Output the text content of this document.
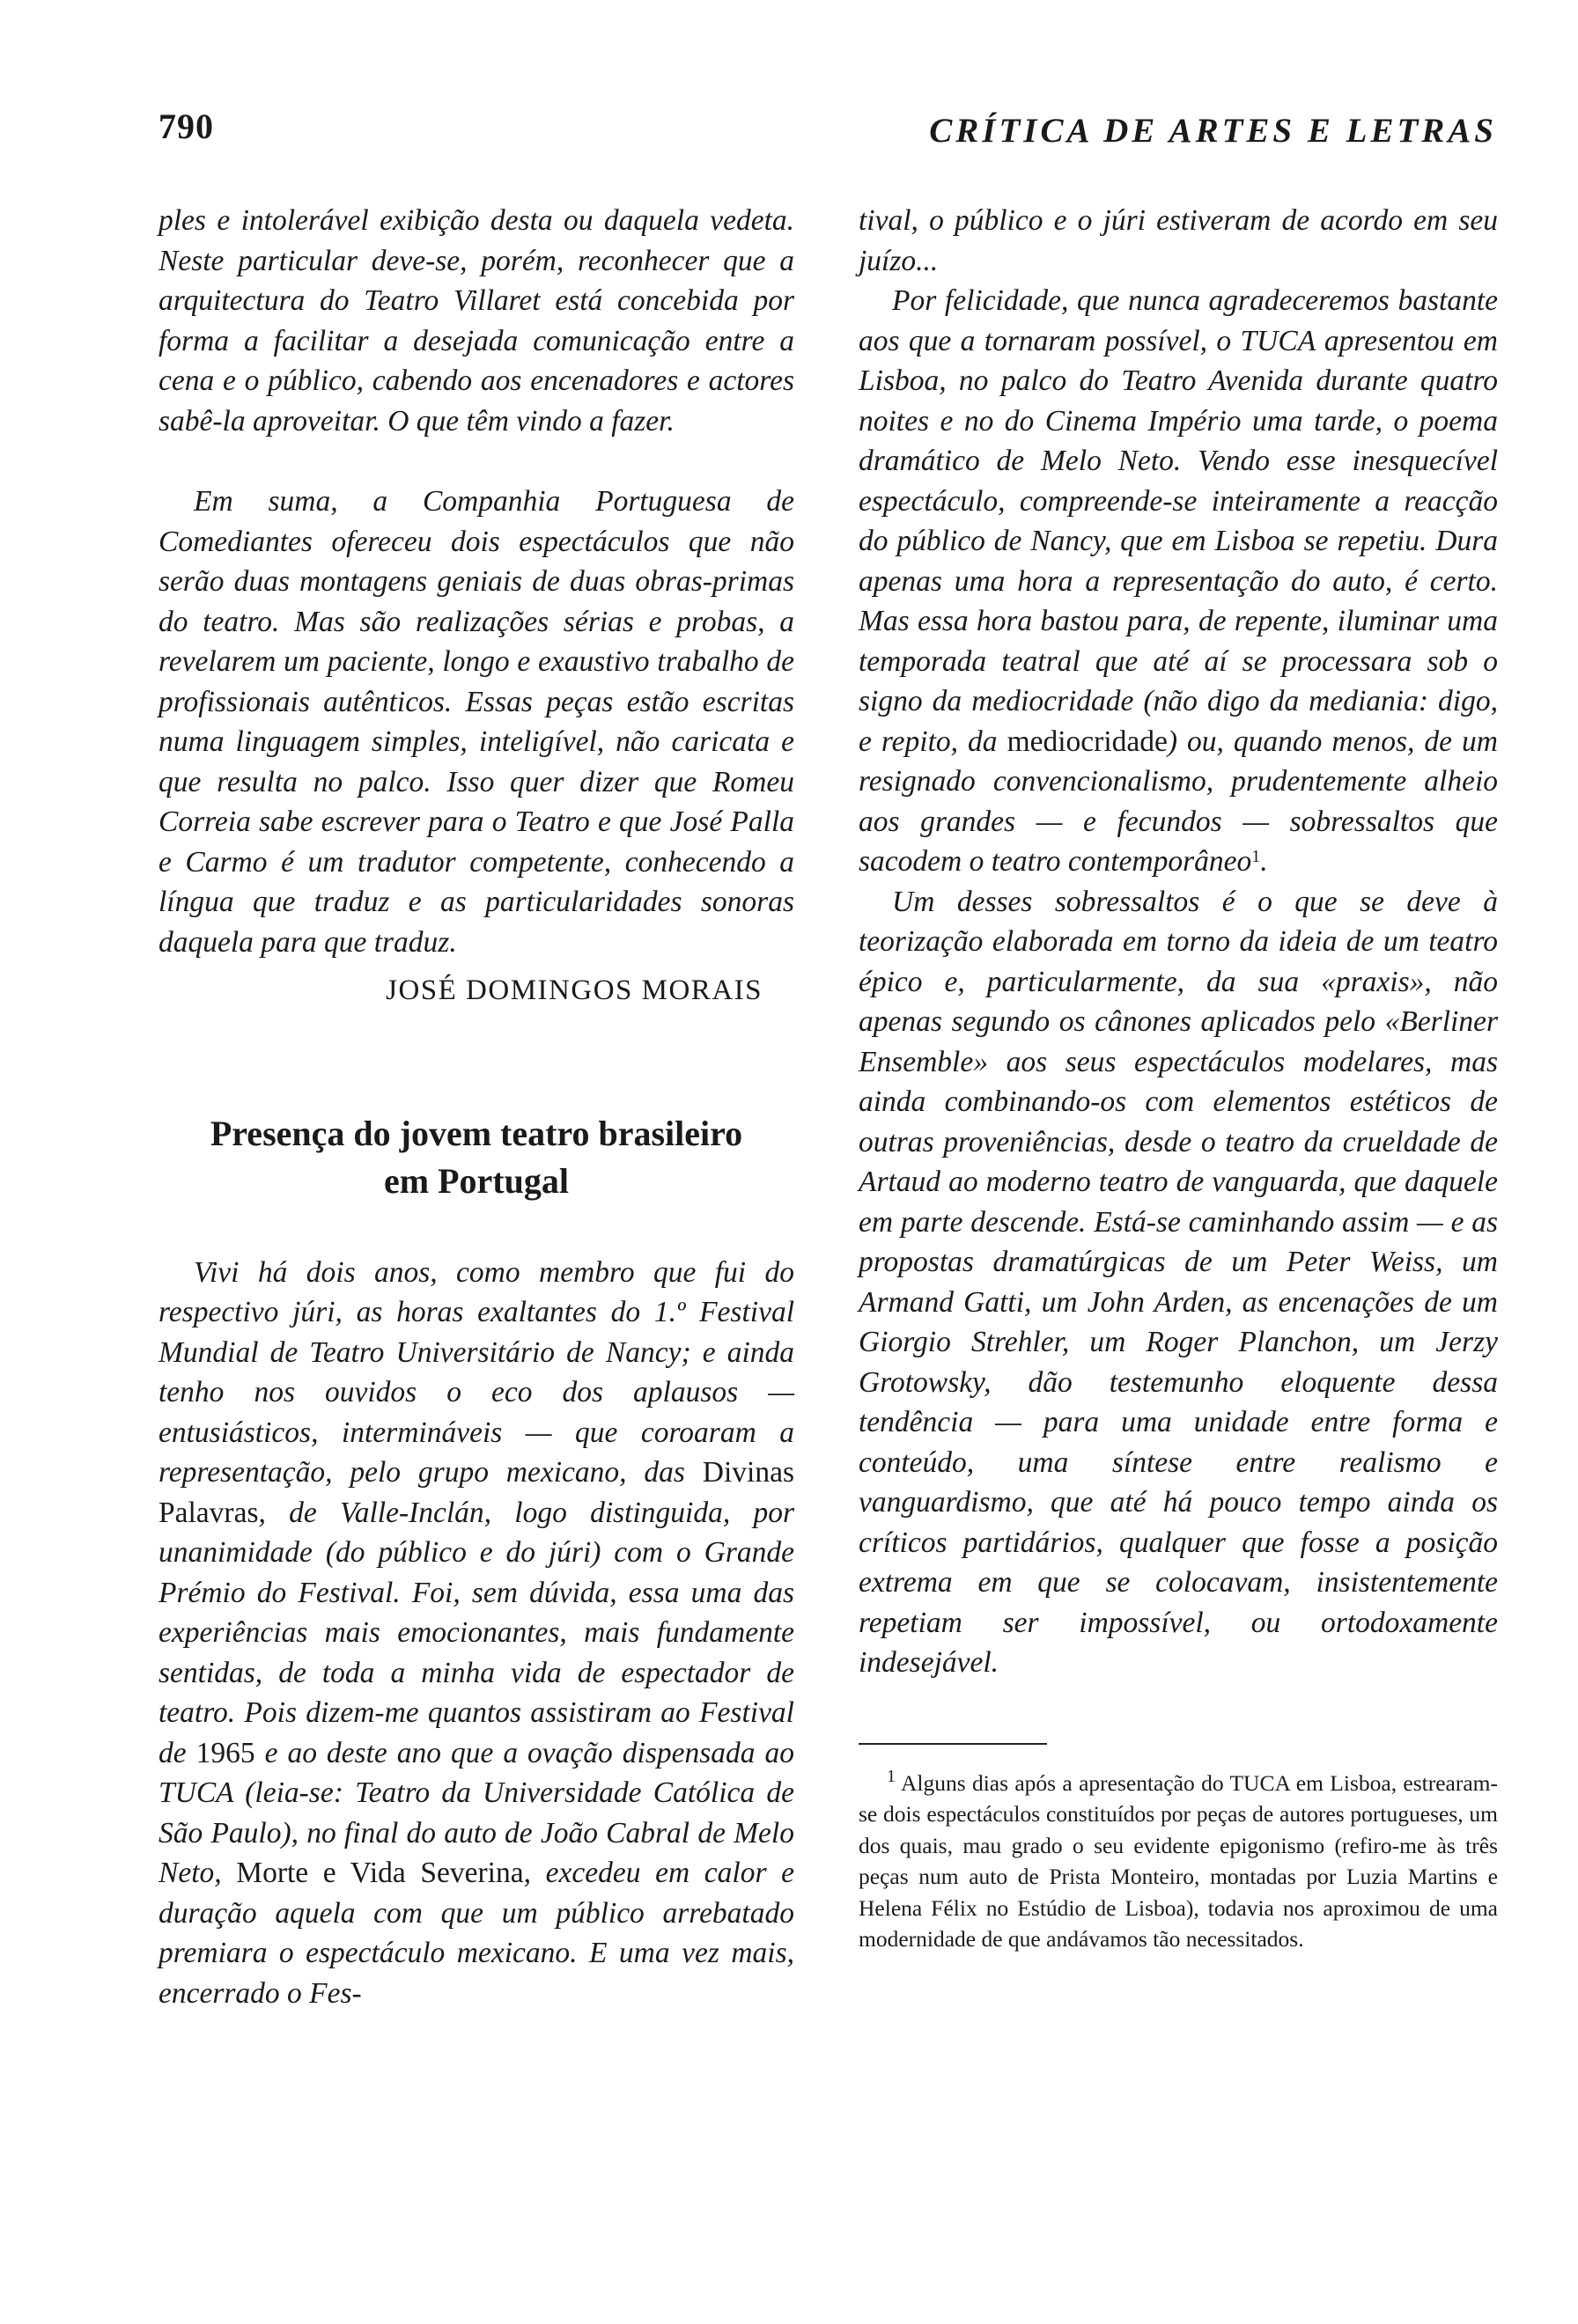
790	CRÍTICA DE ARTES E LETRAS

ples e intolerável exibição desta ou daquela vedeta. Neste particular deve-se, porém, reconhecer que a arquitectura do Teatro Villaret está concebida por forma a facilitar a desejada comunicação entre a cena e o público, cabendo aos encenadores e actores sabê-la aproveitar. O que têm vindo a fazer.

Em suma, a Companhia Portuguesa de Comediantes ofereceu dois espectáculos que não serão duas montagens geniais de duas obras-primas do teatro. Mas são realizações sérias e probas, a revelarem um paciente, longo e exaustivo trabalho de profissionais autênticos. Essas peças estão escritas numa linguagem simples, inteligível, não caricata e que resulta no palco. Isso quer dizer que Romeu Correia sabe escrever para o Teatro e que José Palla e Carmo é um tradutor competente, conhecendo a língua que traduz e as particularidades sonoras daquela para que traduz.

JOSÉ DOMINGOS MORAIS
Presença do jovem teatro brasileiro
em Portugal

Vivi há dois anos, como membro que fui do respectivo júri, as horas exaltantes do 1.º Festival Mundial de Teatro Universitário de Nancy; e ainda tenho nos ouvidos o eco dos aplausos — entusiásticos, intermináveis — que coroaram a representação, pelo grupo mexicano, das Divinas Palavras, de Valle-Inclán, logo distinguida, por unanimidade (do público e do júri) com o Grande Prémio do Festival. Foi, sem dúvida, essa uma das experiências mais emocionantes, mais fundamente sentidas, de toda a minha vida de espectador de teatro. Pois dizem-me quantos assistiram ao Festival de 1965 e ao deste ano que a ovação dispensada ao TUCA (leia-se: Teatro da Universidade Católica de São Paulo), no final do auto de João Cabral de Melo Neto, Morte e Vida Severina, excedeu em calor e duração aquela com que um público arrebatado premiara o espectáculo mexicano. E uma vez mais, encerrado o Fes-

tival, o público e o júri estiveram de acordo em seu juízo...

Por felicidade, que nunca agradeceremos bastante aos que a tornaram possível, o TUCA apresentou em Lisboa, no palco do Teatro Avenida durante quatro noites e no do Cinema Império uma tarde, o poema dramático de Melo Neto. Vendo esse inesquecível espectáculo, compreende-se inteiramente a reacção do público de Nancy, que em Lisboa se repetiu. Dura apenas uma hora a representação do auto, é certo. Mas essa hora bastou para, de repente, iluminar uma temporada teatral que até aí se processara sob o signo da mediocridade (não digo da mediania: digo, e repito, da mediocridade) ou, quando menos, de um resignado convencionalismo, prudentemente alheio aos grandes — e fecundos — sobressaltos que sacodem o teatro contemporâneo$^1$.

Um desses sobressaltos é o que se deve à teorização elaborada em torno da ideia de um teatro épico e, particularmente, da sua «praxis», não apenas segundo os cânones aplicados pelo «Berliner Ensemble» aos seus espectáculos modelares, mas ainda combinando-os com elementos estéticos de outras proveniências, desde o teatro da crueldade de Artaud ao moderno teatro de vanguarda, que daquele em parte descende. Está-se caminhando assim — e as propostas dramatúrgicas de um Peter Weiss, um Armand Gatti, um John Arden, as encenações de um Giorgio Strehler, um Roger Planchon, um Jerzy Grotowsky, dão testemunho eloquente dessa tendência — para uma unidade entre forma e conteúdo, uma síntese entre realismo e vanguardismo, que até há pouco tempo ainda os críticos partidários, qualquer que fosse a posição extrema em que se colocavam, insistentemente repetiam ser impossível, ou ortodoxamente indesejável.

$^1$ Alguns dias após a apresentação do TUCA em Lisboa, estrearam-se dois espectáculos constituídos por peças de autores portugueses, um dos quais, mau grado o seu evidente epigonismo (refiro-me às três peças num auto de Prista Monteiro, montadas por Luzia Martins e Helena Félix no Estúdio de Lisboa), todavia nos aproximou de uma modernidade de que andávamos tão necessitados.
